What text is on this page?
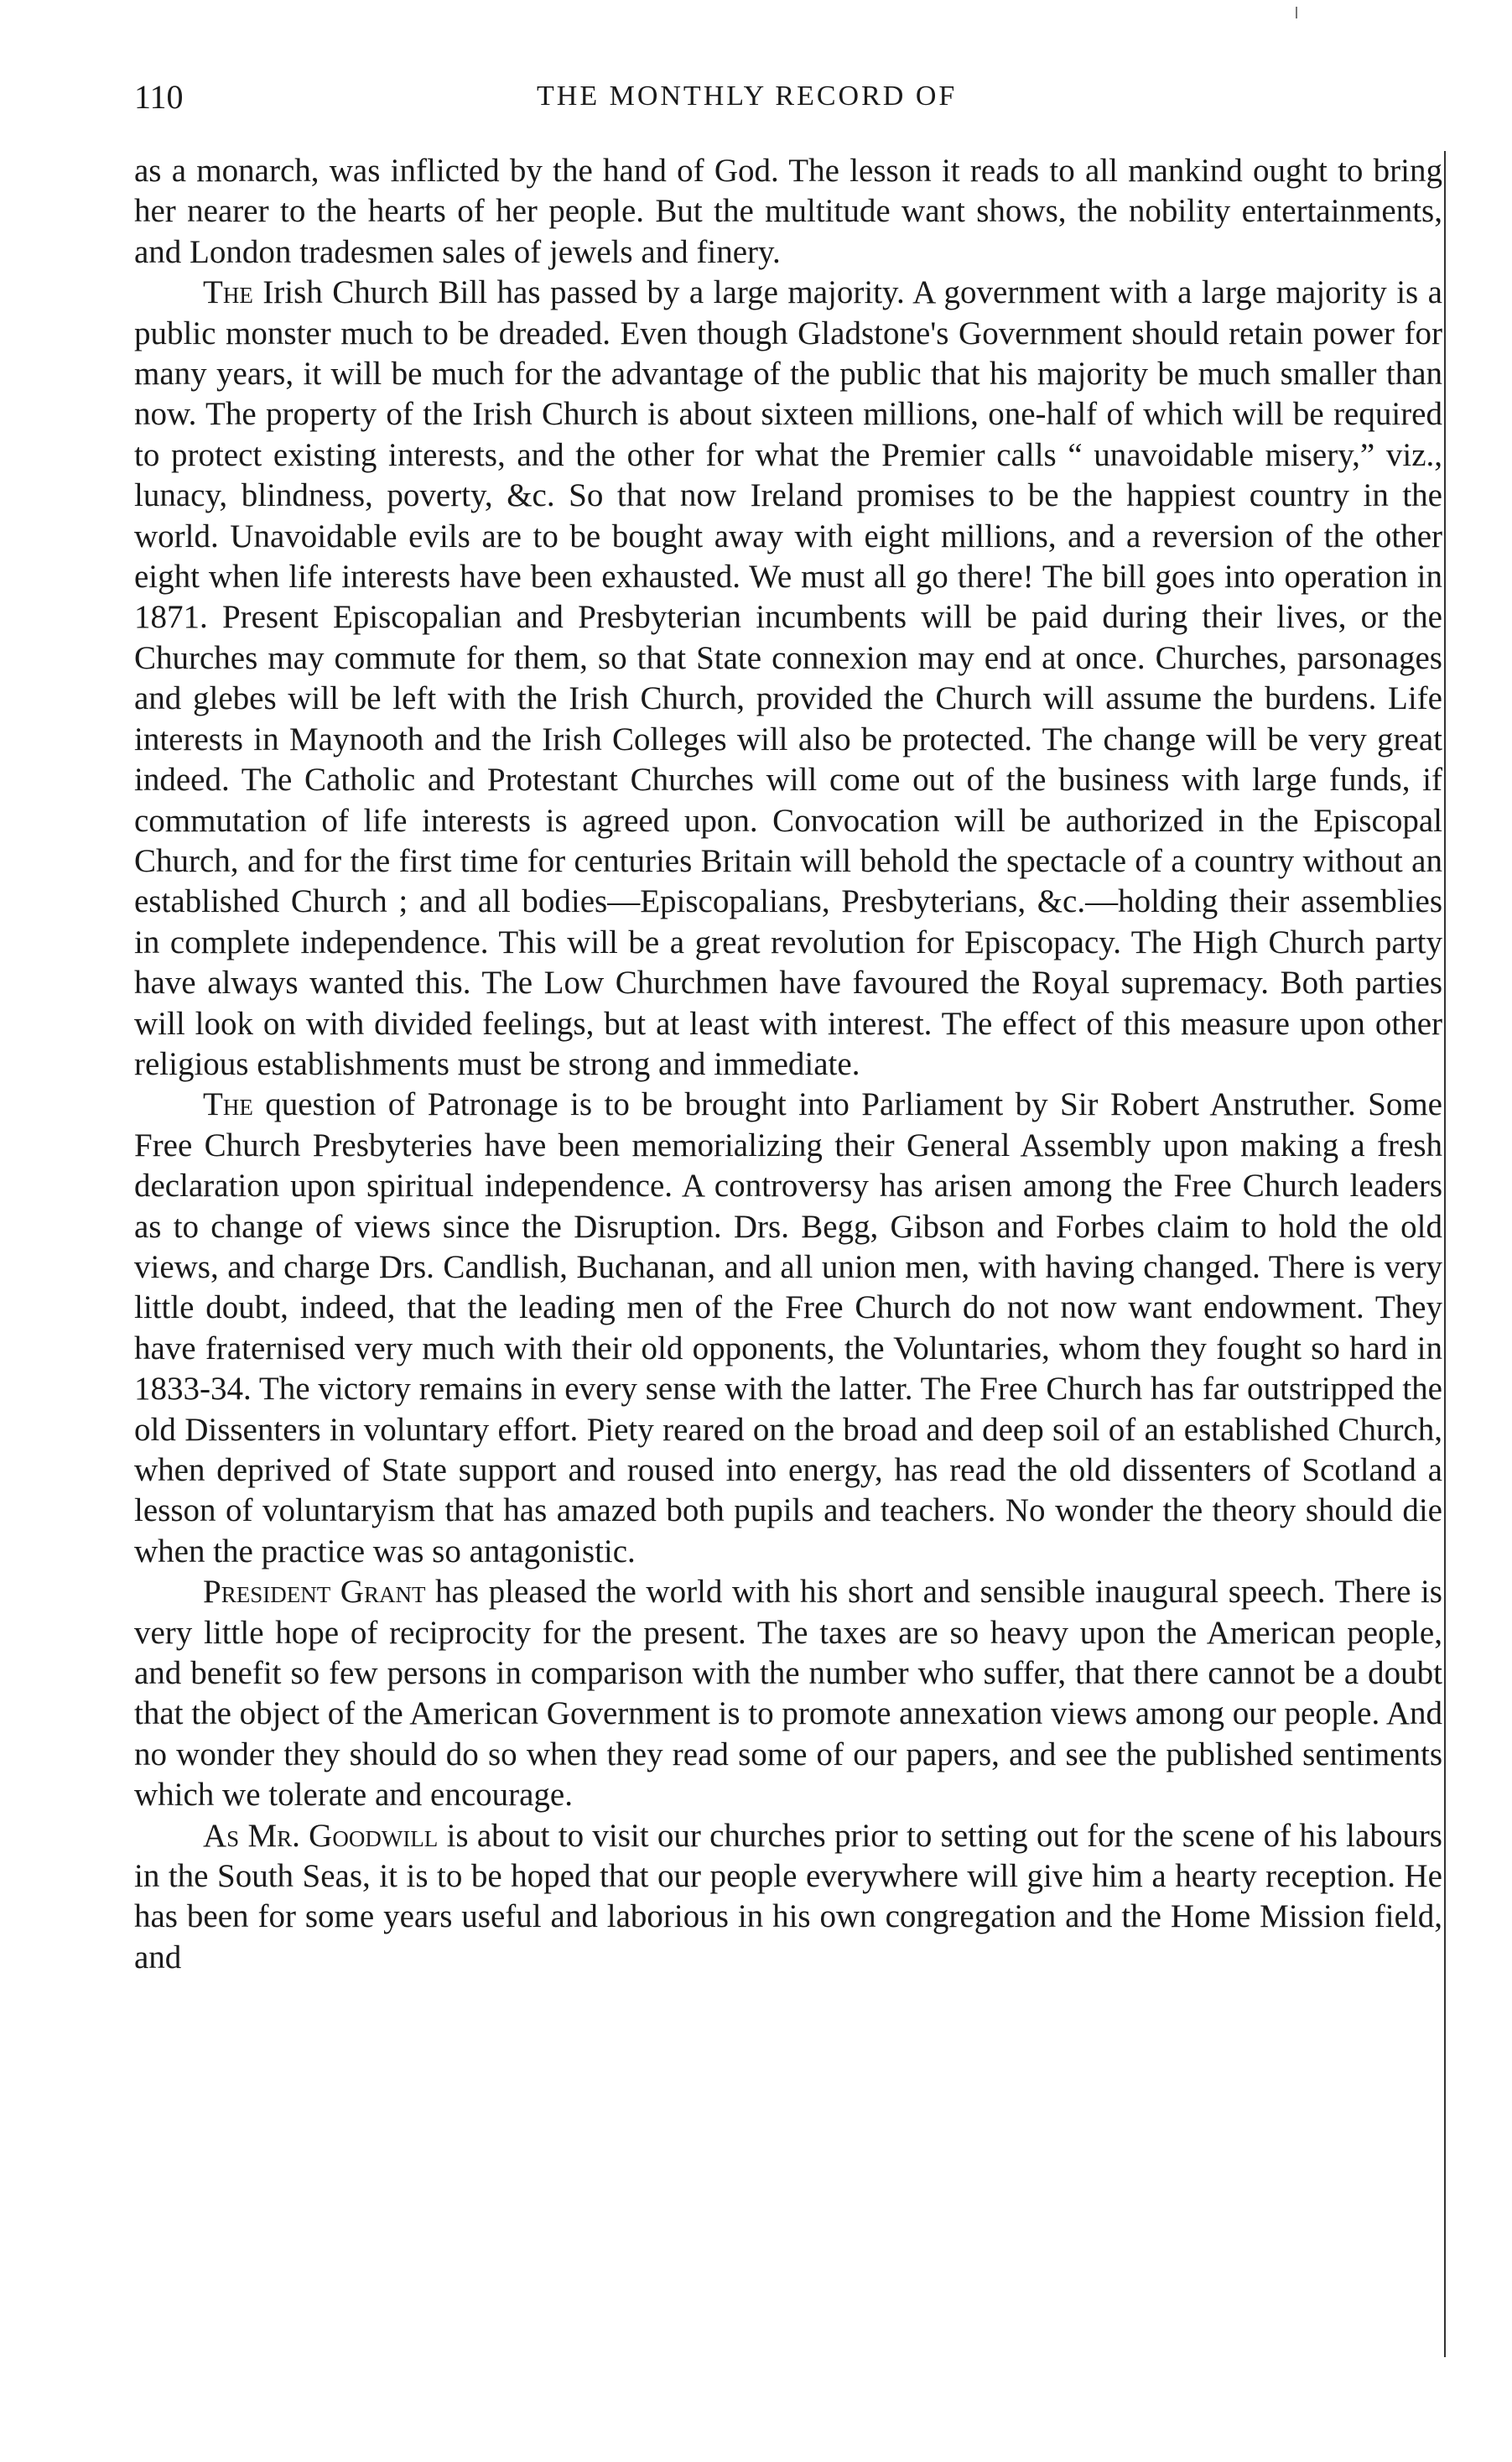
110	THE MONTHLY RECORD OF

as a monarch, was inflicted by the hand of God. The lesson it reads to all mankind ought to bring her nearer to the hearts of her people. But the multitude want shows, the nobility entertainments, and London tradesmen sales of jewels and finery.

The Irish Church Bill has passed by a large majority. A government with a large majority is a public monster much to be dreaded. Even though Gladstone's Government should retain power for many years, it will be much for the advantage of the public that his majority be much smaller than now. The property of the Irish Church is about sixteen millions, one-half of which will be required to protect existing interests, and the other for what the Premier calls “ unavoidable misery,” viz., lunacy, blindness, poverty, &c. So that now Ireland promises to be the happiest country in the world. Unavoidable evils are to be bought away with eight millions, and a reversion of the other eight when life interests have been exhausted. We must all go there! The bill goes into operation in 1871. Present Episcopalian and Presbyterian incumbents will be paid during their lives, or the Churches may commute for them, so that State connexion may end at once. Churches, parsonages and glebes will be left with the Irish Church, provided the Church will assume the burdens. Life interests in Maynooth and the Irish Colleges will also be protected. The change will be very great indeed. The Catholic and Protestant Churches will come out of the business with large funds, if commutation of life interests is agreed upon. Convocation will be authorized in the Episcopal Church, and for the first time for centuries Britain will behold the spectacle of a country without an established Church ; and all bodies—Episcopalians, Presbyterians, &c.—holding their assemblies in complete independence. This will be a great revolution for Episcopacy. The High Church party have always wanted this. The Low Churchmen have favoured the Royal supremacy. Both parties will look on with divided feelings, but at least with interest. The effect of this measure upon other religious establishments must be strong and immediate.

The question of Patronage is to be brought into Parliament by Sir Robert Anstruther. Some Free Church Presbyteries have been memorializing their General Assembly upon making a fresh declaration upon spiritual independence. A controversy has arisen among the Free Church leaders as to change of views since the Disruption. Drs. Begg, Gibson and Forbes claim to hold the old views, and charge Drs. Candlish, Buchanan, and all union men, with having changed. There is very little doubt, indeed, that the leading men of the Free Church do not now want endowment. They have fraternised very much with their old opponents, the Voluntaries, whom they fought so hard in 1833-34. The victory remains in every sense with the latter. The Free Church has far outstripped the old Dissenters in voluntary effort. Piety reared on the broad and deep soil of an established Church, when deprived of State support and roused into energy, has read the old dissenters of Scotland a lesson of voluntaryism that has amazed both pupils and teachers. No wonder the theory should die when the practice was so antagonistic.

President Grant has pleased the world with his short and sensible inaugural speech. There is very little hope of reciprocity for the present. The taxes are so heavy upon the American people, and benefit so few persons in comparison with the number who suffer, that there cannot be a doubt that the object of the American Government is to promote annexation views among our people. And no wonder they should do so when they read some of our papers, and see the published sentiments which we tolerate and encourage.

As Mr. Goodwill is about to visit our churches prior to setting out for the scene of his labours in the South Seas, it is to be hoped that our people everywhere will give him a hearty reception. He has been for some years useful and laborious in his own congregation and the Home Mission field, and
